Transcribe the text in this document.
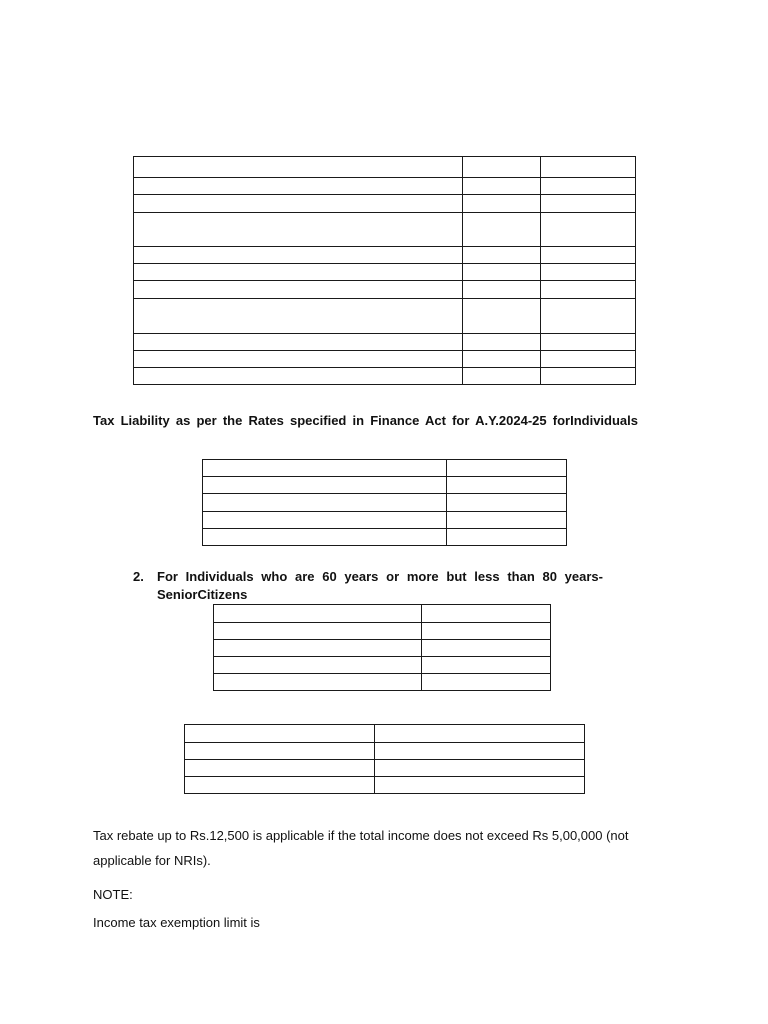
Tax Liability as per the Rates specified in Finance Act for A.Y.2024-25 forIndividuals

2. For Individuals who are 60 years or more but less than 80 years-
SeniorCitizens

Tax rebate up to Rs.12,500 is applicable if the total income does not exceed Rs 5,00,000 (not applicable for NRIs).
NOTE:
Income tax exemption limit is
